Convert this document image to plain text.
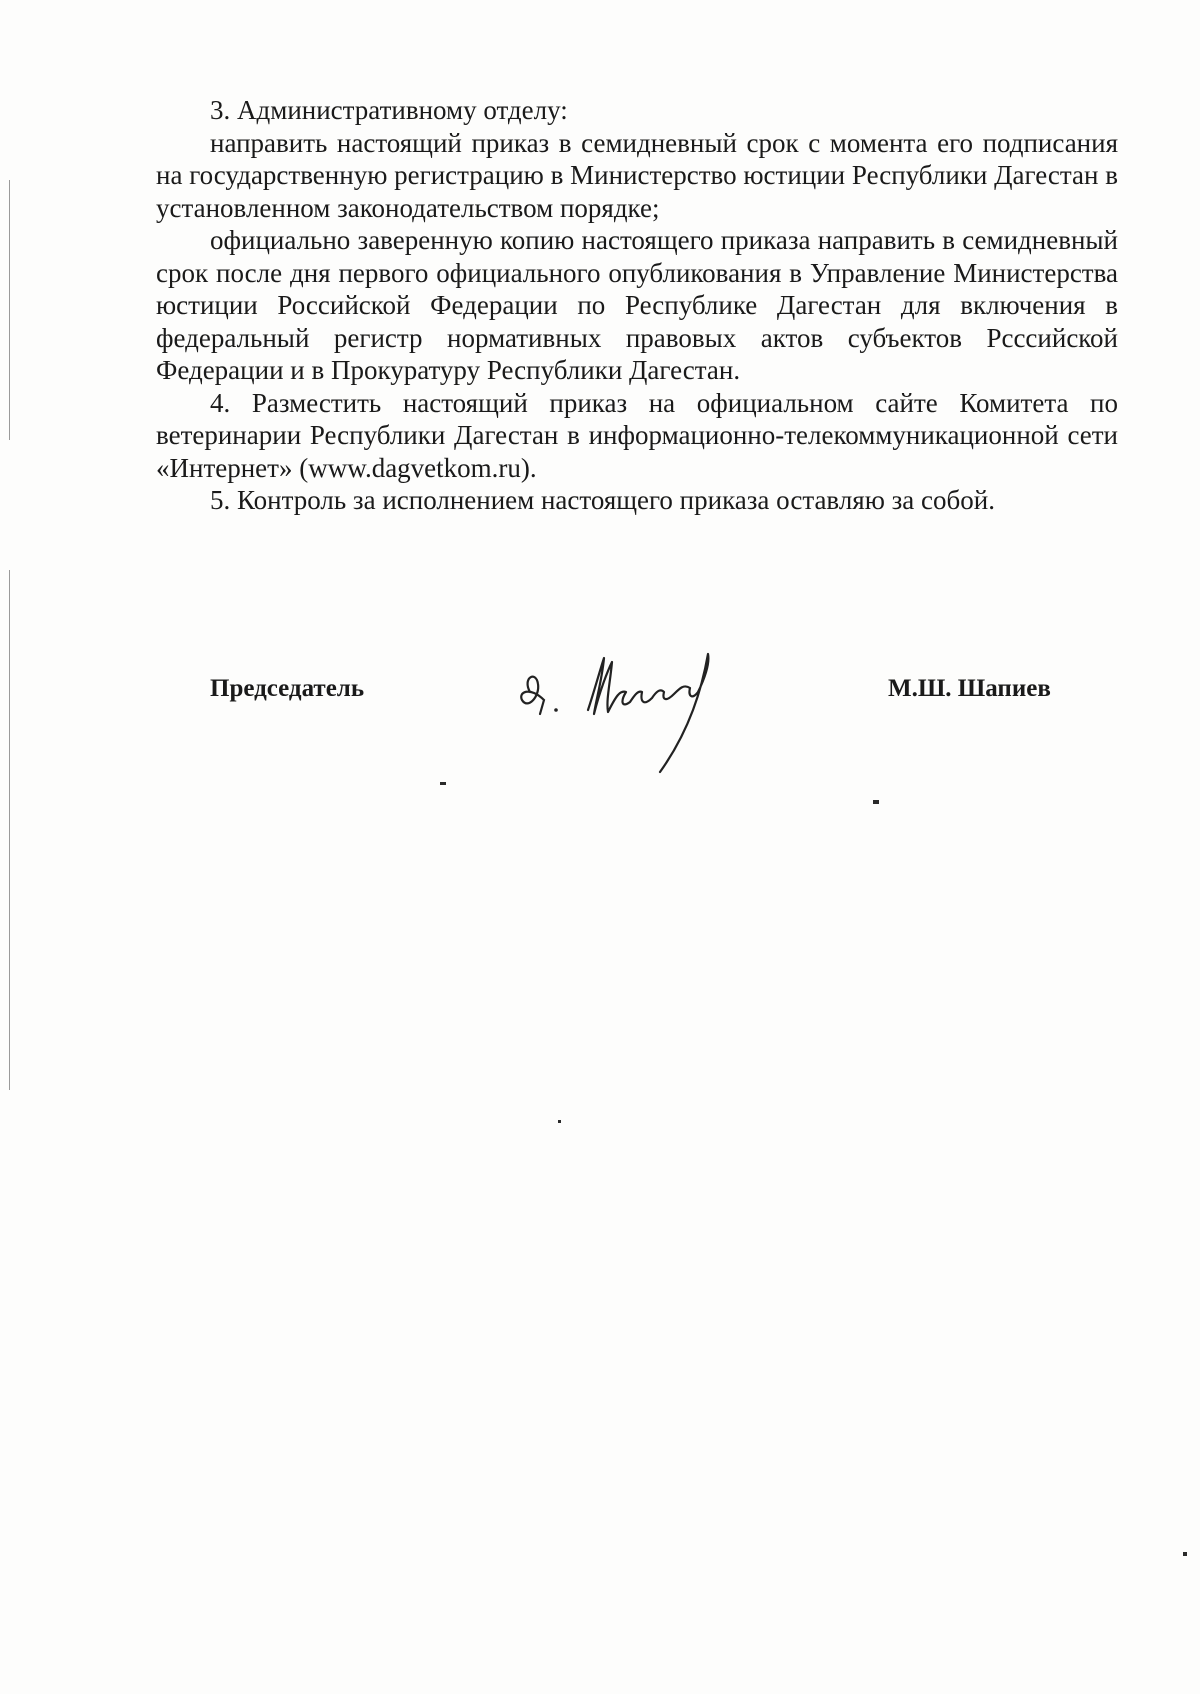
3. Административному отделу:

направить настоящий приказ в семидневный срок с момента его подписания на государственную регистрацию в Министерство юстиции Республики Дагестан в установленном законодательством порядке;

официально заверенную копию настоящего приказа направить в семидневный срок после дня первого официального опубликования в Управление Министерства юстиции Российской Федерации по Республике Дагестан для включения в федеральный регистр нормативных правовых актов субъектов Рсссийской Федерации и в Прокуратуру Республики Дагестан.

4. Разместить настоящий приказ на официальном сайте Комитета по ветеринарии Республики Дагестан в информационно-телекоммуникационной сети «Интернет» (www.dagvetkom.ru).

5. Контроль за исполнением настоящего приказа оставляю за собой.

Председатель	М.Ш. Шапиев
